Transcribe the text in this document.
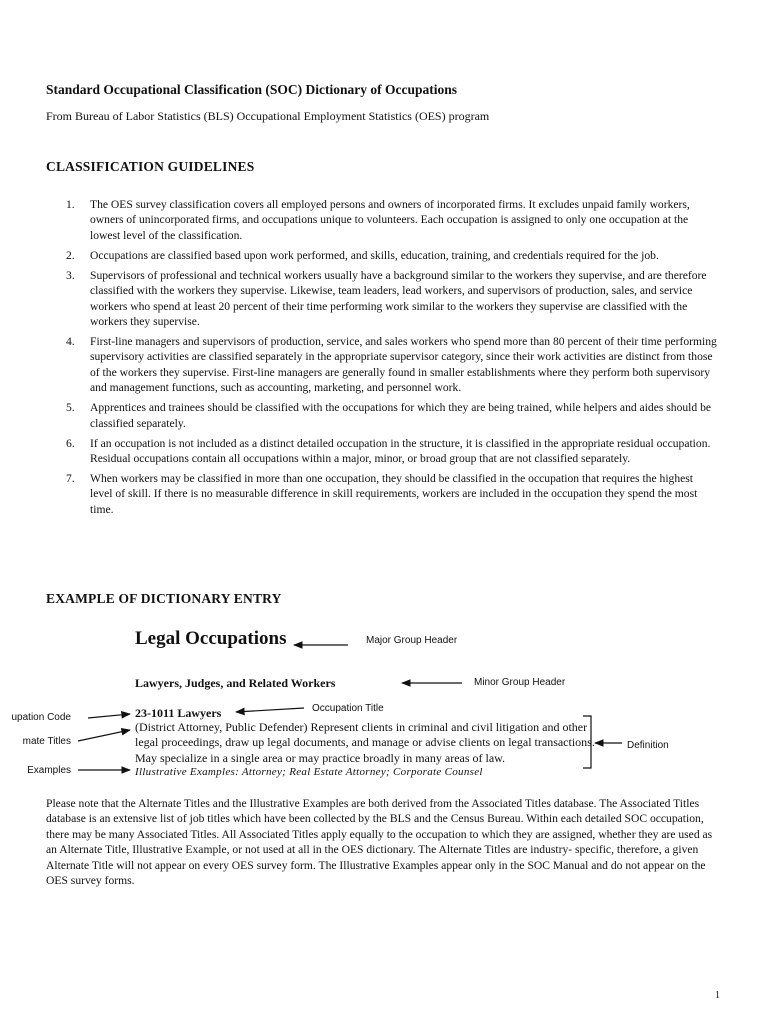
Standard Occupational Classification (SOC) Dictionary of Occupations
From Bureau of Labor Statistics (BLS) Occupational Employment Statistics (OES) program
CLASSIFICATION GUIDELINES
1.	The OES survey classification covers all employed persons and owners of incorporated firms. It excludes unpaid family workers, owners of unincorporated firms, and occupations unique to volunteers. Each occupation is assigned to only one occupation at the lowest level of the classification.
2.	Occupations are classified based upon work performed, and skills, education, training, and credentials required for the job.
3.	Supervisors of professional and technical workers usually have a background similar to the workers they supervise, and are therefore classified with the workers they supervise. Likewise, team leaders, lead workers, and supervisors of production, sales, and service workers who spend at least 20 percent of their time performing work similar to the workers they supervise are classified with the workers they supervise.
4.	First-line managers and supervisors of production, service, and sales workers who spend more than 80 percent of their time performing supervisory activities are classified separately in the appropriate supervisor category, since their work activities are distinct from those of the workers they supervise. First-line managers are generally found in smaller establishments where they perform both supervisory and management functions, such as accounting, marketing, and personnel work.
5.	Apprentices and trainees should be classified with the occupations for which they are being trained, while helpers and aides should be classified separately.
6.	If an occupation is not included as a distinct detailed occupation in the structure, it is classified in the appropriate residual occupation. Residual occupations contain all occupations within a major, minor, or broad group that are not classified separately.
7.	When workers may be classified in more than one occupation, they should be classified in the occupation that requires the highest level of skill. If there is no measurable difference in skill requirements, workers are included in the occupation they spend the most time.
EXAMPLE OF DICTIONARY ENTRY
Legal Occupations
Lawyers, Judges, and Related Workers
23-1011 Lawyers
(District Attorney, Public Defender) Represent clients in criminal and civil litigation and other legal proceedings, draw up legal documents, and manage or advise clients on legal transactions. May specialize in a single area or may practice broadly in many areas of law.
Illustrative Examples: Attorney; Real Estate Attorney; Corporate Counsel
Major Group Header
Minor Group Header
Occupation Title
Definition
upation Code
mate Titles
Examples
Please note that the Alternate Titles and the Illustrative Examples are both derived from the Associated Titles database. The Associated Titles database is an extensive list of job titles which have been collected by the BLS and the Census Bureau. Within each detailed SOC occupation, there may be many Associated Titles. All Associated Titles apply equally to the occupation to which they are assigned, whether they are used as an Alternate Title, Illustrative Example, or not used at all in the OES dictionary. The Alternate Titles are industry- specific, therefore, a given Alternate Title will not appear on every OES survey form. The Illustrative Examples appear only in the SOC Manual and do not appear on the OES survey forms.
1
